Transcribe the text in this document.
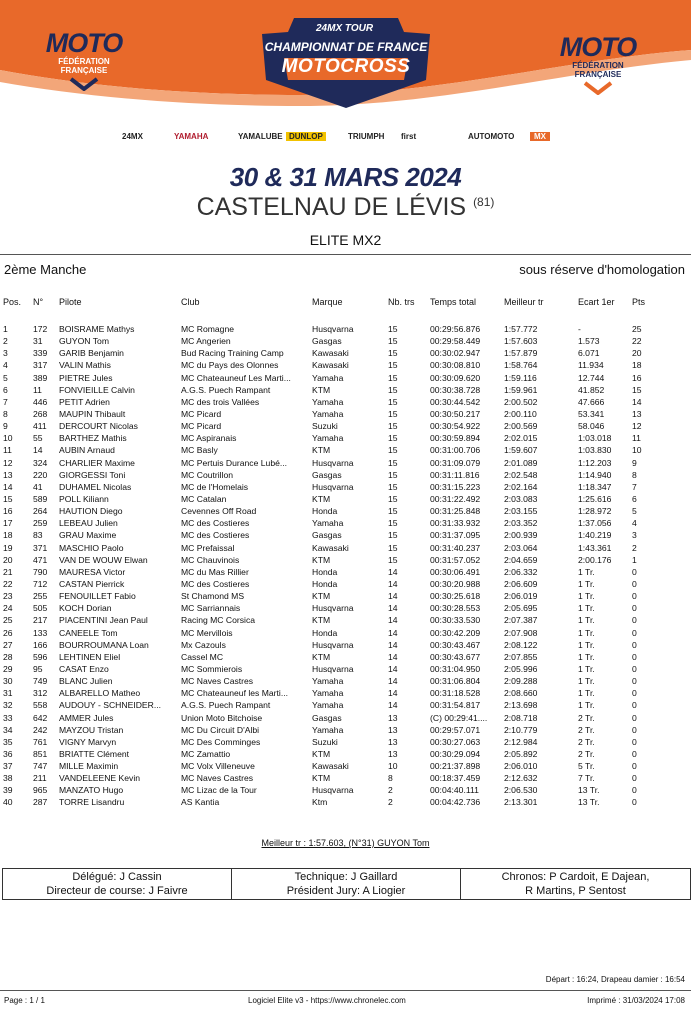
MOTO
FÉDÉRATION
FRANÇAISE
24MX TOUR
CHAMPIONNAT DE FRANCE
MOTOCROSS
MOTO
FÉDÉRATION
FRANÇAISE
24MX	YAMAHA	YAMALUBE DUNLOP	TRIUMPH first	AUTOMOTO	MX
30 & 31 MARS 2024
CASTELNAU DE LÉVIS $^{(81)}$
ELITE MX2
2ème Manche	sous réserve d'homologation
Pos. N° Pilote	Club	Marque	Nb. trs Temps total	Meilleur tr	Ecart 1er Pts
1	172 BOISRAME Mathys	MC Romagne	Husqvarna	15	00:29:56.876	1:57.772	-	25
2	31 GUYON Tom	MC Angerien	Gasgas	15	00:29:58.449	1:57.603	1.573	22
3	339 GARIB Benjamin	Bud Racing Training Camp	Kawasaki	15	00:30:02.947	1:57.879	6.071	20
4	317 VALIN Mathis	MC du Pays des Olonnes	Kawasaki	15	00:30:08.810	1:58.764	11.934	18
5	389 PIETRE Jules	MC Chateauneuf Les Marti...	Yamaha	15	00:30:09.620	1:59.116	12.744	16
6	11 FONVIEILLE Calvin	A.G.S. Puech Rampant	KTM	15	00:30:38.728	1:59.961	41.852	15
7	446 PETIT Adrien	MC des trois Vallées	Yamaha	15	00:30:44.542	2:00.502	47.666	14
8	268 MAUPIN Thibault	MC Picard	Yamaha	15	00:30:50.217	2:00.110	53.341	13
9	411 DERCOURT Nicolas	MC Picard	Suzuki	15	00:30:54.922	2:00.569	58.046	12
10 55 BARTHEZ Mathis	MC Aspiranais	Yamaha	15	00:30:59.894	2:02.015	1:03.018 11
11 14 AUBIN Arnaud	MC Basly	KTM	15	00:31:00.706	1:59.607	1:03.830 10
12 324 CHARLIER Maxime	MC Pertuis Durance Lubé...	Husqvarna	15	00:31:09.079	2:01.089	1:12.203 9
13 220 GIORGESSI Toni	MC Coutrillon	Gasgas	15	00:31:11.816	2:02.548	1:14.940 8
14 41 DUHAMEL Nicolas	MC de l'Homelais	Husqvarna	15	00:31:15.223	2:02.164	1:18.347 7
15 589 POLL Kiliann	MC Catalan	KTM	15	00:31:22.492	2:03.083	1:25.616 6
16 264 HAUTION Diego	Cevennes Off Road	Honda	15	00:31:25.848	2:03.155	1:28.972 5
17 259 LEBEAU Julien	MC des Costieres	Yamaha	15	00:31:33.932	2:03.352	1:37.056 4
18 83 GRAU Maxime	MC des Costieres	Gasgas	15	00:31:37.095	2:00.939	1:40.219 3
19 371 MASCHIO Paolo	MC Prefaissal	Kawasaki	15	00:31:40.237	2:03.064	1:43.361 2
20 471 VAN DE WOUW Elwan	MC Chauvinois	KTM	15	00:31:57.052	2:04.659	2:00.176 1
21 790 MAURESA Victor	MC du Mas Rillier	Honda	14	00:30:06.491	2:06.332	1 Tr.	0
22 712 CASTAN Pierrick	MC des Costieres	Honda	14	00:30:20.988	2:06.609	1 Tr.	0
23 255 FENOUILLET Fabio	St Chamond MS	KTM	14	00:30:25.618	2:06.019	1 Tr.	0
24 505 KOCH Dorian	MC Sarriannais	Husqvarna	14	00:30:28.553	2:05.695	1 Tr.	0
25 217 PIACENTINI Jean Paul	Racing MC Corsica	KTM	14	00:30:33.530	2:07.387	1 Tr.	0
26 133 CANEELE Tom	MC Mervillois	Honda	14	00:30:42.209	2:07.908	1 Tr.	0
27 166 BOURROUMANA Loan	Mx Cazouls	Husqvarna	14	00:30:43.467	2:08.122	1 Tr.	0
28 596 LEHTINEN Eliel	Cassel MC	KTM	14	00:30:43.677	2:07.855	1 Tr.	0
29 95 CASAT Enzo	MC Sommierois	Husqvarna	14	00:31:04.950	2:05.996	1 Tr.	0
30 749 BLANC Julien	MC Naves Castres	Yamaha	14	00:31:06.804	2:09.288	1 Tr.	0
31 312 ALBARELLO Matheo	MC Chateauneuf les Marti...	Yamaha	14	00:31:18.528	2:08.660	1 Tr.	0
32 558 AUDOUY - SCHNEIDER...	A.G.S. Puech Rampant	Yamaha	14	00:31:54.817	2:13.698	1 Tr.	0
33 642 AMMER Jules	Union Moto Bitchoise	Gasgas	13	(C) 00:29:41.... 2:08.718	2 Tr.	0
34 242 MAYZOU Tristan	MC Du Circuit D'Albi	Yamaha	13	00:29:57.071	2:10.779	2 Tr.	0
35 761 VIGNY Marvyn	MC Des Comminges	Suzuki	13	00:30:27.063	2:12.984	2 Tr.	0
36 851 BRIATTE Clément	MC Zamattio	KTM	13	00:30:29.094	2:05.892	2 Tr.	0
37 747 MILLE Maximin	MC Volx Villeneuve	Kawasaki	10	00:21:37.898	2:06.010	5 Tr.	0
38 211 VANDELEENE Kevin	MC Naves Castres	KTM	8	00:18:37.459	2:12.632	7 Tr.	0
39 965 MANZATO Hugo	MC Lizac de la Tour	Husqvarna	2	00:04:40.111	2:06.530	13 Tr.	0
40 287 TORRE Lisandru	AS Kantia	Ktm	2	00:04:42.736	2:13.301	13 Tr.	0
Meilleur tr : 1:57.603, (N°31) GUYON Tom
Délégué: J Cassin
Directeur de course: J Faivre
Technique: J Gaillard
Président Jury: A Liogier
Chronos: P Cardoit, E Dajean,
R Martins, P Sentost
Départ : 16:24, Drapeau damier : 16:54
Page : 1 / 1	Logiciel Elite v3 - https://www.chronelec.com	Imprimé : 31/03/2024 17:08
